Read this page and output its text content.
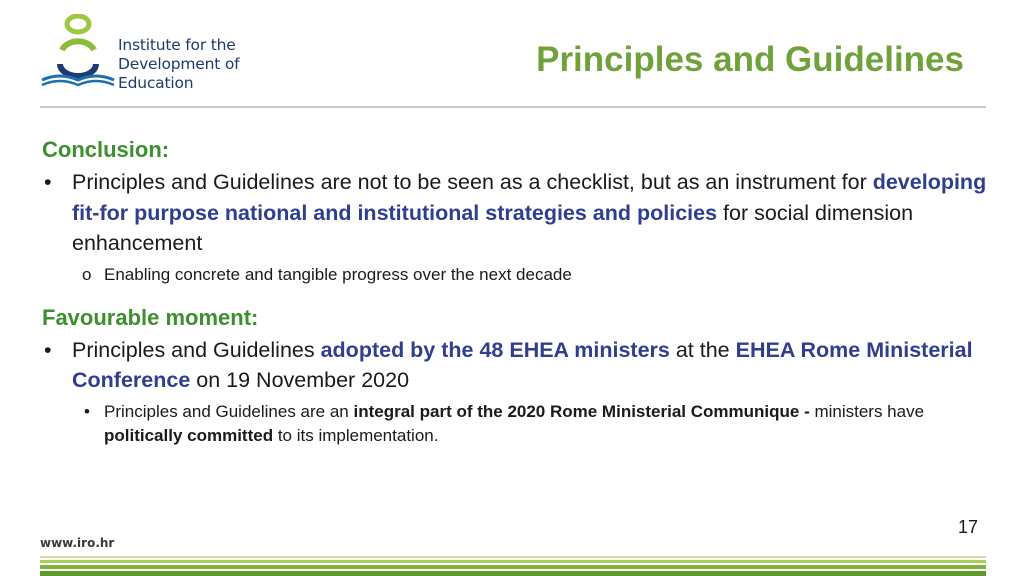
Institute for the
Development of Education
Principles and Guidelines
Conclusion:
• Principles and Guidelines are not to be seen as a checklist, but as an instrument for developing fit-for purpose national and institutional strategies and policies for social dimension enhancement
o Enabling concrete and tangible progress over the next decade
Favourable moment:
• Principles and Guidelines adopted by the 48 EHEA ministers at the EHEA Rome Ministerial Conference on 19 November 2020
• Principles and Guidelines are an integral part of the 2020 Rome Ministerial Communique - ministers have politically committed to its implementation.
17
www.iro.hr
